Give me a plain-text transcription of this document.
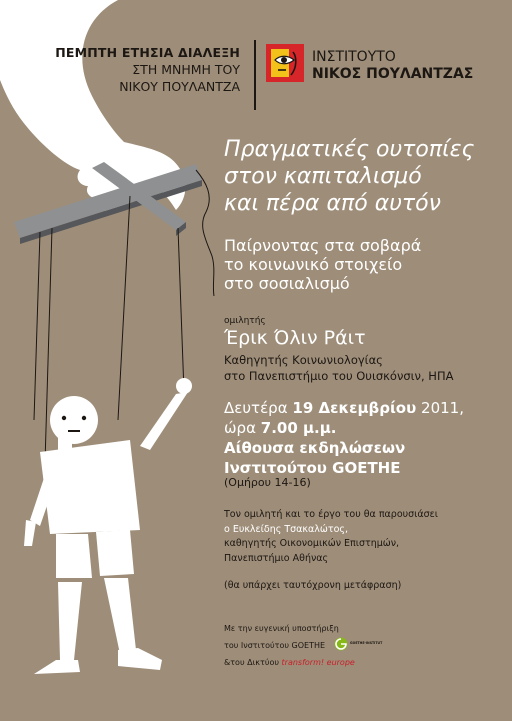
ΠΕΜΠΤΗ ΕΤΗΣΙΑ ΔΙΑΛΕΞΗ
ΣΤΗ ΜΝΗΜΗ ΤΟΥ
ΝΙΚΟΥ ΠΟΥΛΑΝΤΖΑ
ΙΝΣΤΙΤΟΥΤΟ
ΝΙΚΟΣ ΠΟΥΛΑΝΤΖΑΣ
Πραγματικές ουτοπίες
στον καπιταλισμό
και πέρα από αυτόν
Παίρνοντας στα σοβαρά
το κοινωνικό στοιχείο
στο σοσιαλισμό
ομιλητής
Έρικ Όλιν Ράιτ
Καθηγητής Κοινωνιολογίας
στο Πανεπιστήμιο του Ουισκόνσιν, ΗΠΑ
Δευτέρα 19 Δεκεμβρίου 2011,
ώρα 7.00 μ.μ.
Αίθουσα εκδηλώσεων
Ινστιτούτου GOETHE
(Ομήρου 14-16)
Τον ομιλητή και το έργο του θα παρουσιάσει
ο Ευκλείδης Τσακαλώτος,
καθηγητής Οικονομικών Επιστημών,
Πανεπιστήμιο Αθήνας
(θα υπάρχει ταυτόχρονη μετάφραση)
Με την ευγενική υποστήριξη
του Ινστιτούτου GOETHE
&του Δικτύου transform! europe
GOETHE-INSTITUT
